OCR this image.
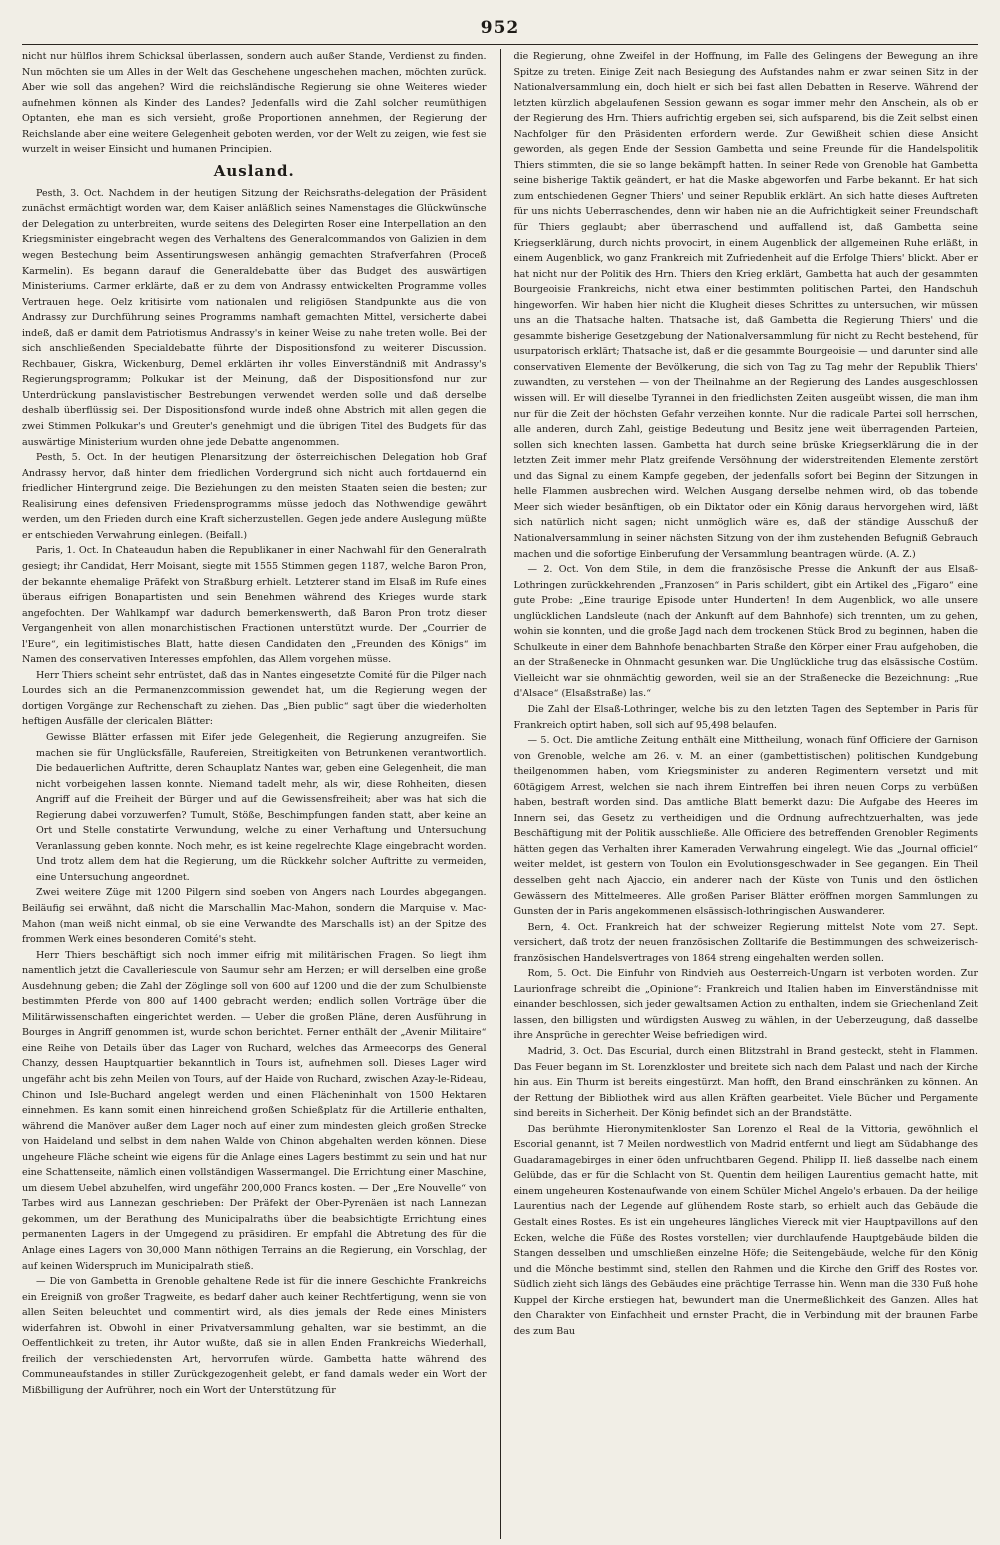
952

nicht nur hülflos ihrem Schicksal überlassen, sondern auch außer Stande, Verdienst zu finden. Nun möchten sie um Alles in der Welt das Geschehene ungeschehen machen, möchten zurück. Aber wie soll das angehen? Wird die reichsländische Regierung sie ohne Weiteres wieder aufnehmen können als Kinder des Landes? Jedenfalls wird die Zahl solcher reumüthigen Optanten, ehe man es sich versieht, große Proportionen annehmen, der Regierung der Reichslande aber eine weitere Gelegenheit geboten werden, vor der Welt zu zeigen, wie fest sie wurzelt in weiser Einsicht und humanen Principien.

Ausland.

Pesth, 3. Oct. Nachdem in der heutigen Sitzung der Reichsraths-delegation der Präsident zunächst ermächtigt worden war, dem Kaiser anläßlich seines Namenstages die Glückwünsche der Delegation zu unterbreiten, wurde seitens des Delegirten Roser eine Interpellation an den Kriegsminister eingebracht wegen des Verhaltens des Generalcommandos von Galizien in dem wegen Bestechung beim Assentirungswesen anhängig gemachten Strafverfahren (Proceß Karmelin). Es begann darauf die Generaldebatte über das Budget des auswärtigen Ministeriums. Carmer erklärte, daß er zu dem von Andrassy entwickelten Programme volles Vertrauen hege. Oelz kritisirte vom nationalen und religiösen Standpunkte aus die von Andrassy zur Durchführung seines Programms namhaft gemachten Mittel, versicherte dabei indeß, daß er damit dem Patriotismus Andrassy's in keiner Weise zu nahe treten wolle. Bei der sich anschließenden Specialdebatte führte der Dispositionsfond zu weiterer Discussion. Rechbauer, Giskra, Wickenburg, Demel erklärten ihr volles Einverständniß mit Andrassy's Regierungsprogramm; Polkukar ist der Meinung, daß der Dispositionsfond nur zur Unterdrückung panslavistischer Bestrebungen verwendet werden solle und daß derselbe deshalb überflüssig sei. Der Dispositionsfond wurde indeß ohne Abstrich mit allen gegen die zwei Stimmen Polkukar's und Greuter's genehmigt und die übrigen Titel des Budgets für das auswärtige Ministerium wurden ohne jede Debatte angenommen.

Pesth, 5. Oct. In der heutigen Plenarsitzung der österreichischen Delegation hob Graf Andrassy hervor, daß hinter dem friedlichen Vordergrund sich nicht auch fortdauernd ein friedlicher Hintergrund zeige. Die Beziehungen zu den meisten Staaten seien die besten; zur Realisirung eines defensiven Friedensprogramms müsse jedoch das Nothwendige gewährt werden, um den Frieden durch eine Kraft sicherzustellen. Gegen jede andere Auslegung müßte er entschieden Verwahrung einlegen. (Beifall.)

Paris, 1. Oct. In Chateaudun haben die Republikaner in einer Nachwahl für den Generalrath gesiegt; ihr Candidat, Herr Moisant, siegte mit 1555 Stimmen gegen 1187, welche Baron Pron, der bekannte ehemalige Präfekt von Straßburg erhielt. Letzterer stand im Elsaß im Rufe eines überaus eifrigen Bonapartisten und sein Benehmen während des Krieges wurde stark angefochten. Der Wahlkampf war dadurch bemerkenswerth, daß Baron Pron trotz dieser Vergangenheit von allen monarchistischen Fractionen unterstützt wurde. Der „Courrier de l'Eure“, ein legitimistisches Blatt, hatte diesen Candidaten den „Freunden des Königs“ im Namen des conservativen Interesses empfohlen, das Allem vorgehen müsse.

Herr Thiers scheint sehr entrüstet, daß das in Nantes eingesetzte Comité für die Pilger nach Lourdes sich an die Permanenzcommission gewendet hat, um die Regierung wegen der dortigen Vorgänge zur Rechenschaft zu ziehen. Das „Bien public“ sagt über die wiederholten heftigen Ausfälle der clericalen Blätter:

Gewisse Blätter erfassen mit Eifer jede Gelegenheit, die Regierung anzugreifen. Sie machen sie für Unglücksfälle, Raufereien, Streitigkeiten von Betrunkenen verantwortlich. Die bedauerlichen Auftritte, deren Schauplatz Nantes war, geben eine Gelegenheit, die man nicht vorbeigehen lassen konnte. Niemand tadelt mehr, als wir, diese Rohheiten, diesen Angriff auf die Freiheit der Bürger und auf die Gewissensfreiheit; aber was hat sich die Regierung dabei vorzuwerfen? Tumult, Stöße, Beschimpfungen fanden statt, aber keine an Ort und Stelle constatirte Verwundung, welche zu einer Verhaftung und Untersuchung Veranlassung geben konnte. Noch mehr, es ist keine regelrechte Klage eingebracht worden. Und trotz allem dem hat die Regierung, um die Rückkehr solcher Auftritte zu vermeiden, eine Untersuchung angeordnet.

Zwei weitere Züge mit 1200 Pilgern sind soeben von Angers nach Lourdes abgegangen. Beiläufig sei erwähnt, daß nicht die Marschallin Mac-Mahon, sondern die Marquise v. Mac-Mahon (man weiß nicht einmal, ob sie eine Verwandte des Marschalls ist) an der Spitze des frommen Werk eines besonderen Comité's steht.

Herr Thiers beschäftigt sich noch immer eifrig mit militärischen Fragen. So liegt ihm namentlich jetzt die Cavalleriescule von Saumur sehr am Herzen; er will derselben eine große Ausdehnung geben; die Zahl der Zöglinge soll von 600 auf 1200 und die der zum Schulbienste bestimmten Pferde von 800 auf 1400 gebracht werden; endlich sollen Vorträge über die Militärwissenschaften eingerichtet werden. — Ueber die großen Pläne, deren Ausführung in Bourges in Angriff genommen ist, wurde schon berichtet. Ferner enthält der „Avenir Militaire“ eine Reihe von Details über das Lager von Ruchard, welches das Armeecorps des General Chanzy, dessen Hauptquartier bekanntlich in Tours ist, aufnehmen soll. Dieses Lager wird ungefähr acht bis zehn Meilen von Tours, auf der Haide von Ruchard, zwischen Azay-le-Rideau, Chinon und Isle-Buchard angelegt werden und einen Flächeninhalt von 1500 Hektaren einnehmen. Es kann somit einen hinreichend großen Schießplatz für die Artillerie enthalten, während die Manöver außer dem Lager noch auf einer zum mindesten gleich großen Strecke von Haideland und selbst in dem nahen Walde von Chinon abgehalten werden können. Diese ungeheure Fläche scheint wie eigens für die Anlage eines Lagers bestimmt zu sein und hat nur eine Schattenseite, nämlich einen vollständigen Wassermangel. Die Errichtung einer Maschine, um diesem Uebel abzuhelfen, wird ungefähr 200,000 Francs kosten. — Der „Ere Nouvelle“ von Tarbes wird aus Lannezan geschrieben: Der Präfekt der Ober-Pyrenäen ist nach Lannezan gekommen, um der Berathung des Municipalraths über die beabsichtigte Errichtung eines permanenten Lagers in der Umgegend zu präsidiren. Er empfahl die Abtretung des für die Anlage eines Lagers von 30,000 Mann nöthigen Terrains an die Regierung, ein Vorschlag, der auf keinen Widerspruch im Municipalrath stieß.

— Die von Gambetta in Grenoble gehaltene Rede ist für die innere Geschichte Frankreichs ein Ereigniß von großer Tragweite, es bedarf daher auch keiner Rechtfertigung, wenn sie von allen Seiten beleuchtet und commentirt wird, als dies jemals der Rede eines Ministers widerfahren ist. Obwohl in einer Privatversammlung gehalten, war sie bestimmt, an die Oeffentlichkeit zu treten, ihr Autor wußte, daß sie in allen Enden Frankreichs Wiederhall, freilich der verschiedensten Art, hervorrufen würde. Gambetta hatte während des Communeaufstandes in stiller Zurückgezogenheit gelebt, er fand damals weder ein Wort der Mißbilligung der Aufrührer, noch ein Wort der Unterstützung für

die Regierung, ohne Zweifel in der Hoffnung, im Falle des Gelingens der Bewegung an ihre Spitze zu treten. Einige Zeit nach Besiegung des Aufstandes nahm er zwar seinen Sitz in der Nationalversammlung ein, doch hielt er sich bei fast allen Debatten in Reserve. Während der letzten kürzlich abgelaufenen Session gewann es sogar immer mehr den Anschein, als ob er der Regierung des Hrn. Thiers aufrichtig ergeben sei, sich aufsparend, bis die Zeit selbst einen Nachfolger für den Präsidenten erfordern werde. Zur Gewißheit schien diese Ansicht geworden, als gegen Ende der Session Gambetta und seine Freunde für die Handelspolitik Thiers stimmten, die sie so lange bekämpft hatten. In seiner Rede von Grenoble hat Gambetta seine bisherige Taktik geändert, er hat die Maske abgeworfen und Farbe bekannt. Er hat sich zum entschiedenen Gegner Thiers' und seiner Republik erklärt. An sich hatte dieses Auftreten für uns nichts Ueberraschendes, denn wir haben nie an die Aufrichtigkeit seiner Freundschaft für Thiers geglaubt; aber überraschend und auffallend ist, daß Gambetta seine Kriegserklärung, durch nichts provocirt, in einem Augenblick der allgemeinen Ruhe erläßt, in einem Augenblick, wo ganz Frankreich mit Zufriedenheit auf die Erfolge Thiers' blickt. Aber er hat nicht nur der Politik des Hrn. Thiers den Krieg erklärt, Gambetta hat auch der gesammten Bourgeoisie Frankreichs, nicht etwa einer bestimmten politischen Partei, den Handschuh hingeworfen. Wir haben hier nicht die Klugheit dieses Schrittes zu untersuchen, wir müssen uns an die Thatsache halten. Thatsache ist, daß Gambetta die Regierung Thiers' und die gesammte bisherige Gesetzgebung der Nationalversammlung für nicht zu Recht bestehend, für usurpatorisch erklärt; Thatsache ist, daß er die gesammte Bourgeoisie — und darunter sind alle conservativen Elemente der Bevölkerung, die sich von Tag zu Tag mehr der Republik Thiers' zuwandten, zu verstehen — von der Theilnahme an der Regierung des Landes ausgeschlossen wissen will. Er will dieselbe Tyrannei in den friedlichsten Zeiten ausgeübt wissen, die man ihm nur für die Zeit der höchsten Gefahr verzeihen konnte. Nur die radicale Partei soll herrschen, alle anderen, durch Zahl, geistige Bedeutung und Besitz jene weit überragenden Parteien, sollen sich knechten lassen. Gambetta hat durch seine brüske Kriegserklärung die in der letzten Zeit immer mehr Platz greifende Versöhnung der widerstreitenden Elemente zerstört und das Signal zu einem Kampfe gegeben, der jedenfalls sofort bei Beginn der Sitzungen in helle Flammen ausbrechen wird. Welchen Ausgang derselbe nehmen wird, ob das tobende Meer sich wieder besänftigen, ob ein Diktator oder ein König daraus hervorgehen wird, läßt sich natürlich nicht sagen; nicht unmöglich wäre es, daß der ständige Ausschuß der Nationalversammlung in seiner nächsten Sitzung von der ihm zustehenden Befugniß Gebrauch machen und die sofortige Einberufung der Versammlung beantragen würde. (A. Z.)

— 2. Oct. Von dem Stile, in dem die französische Presse die Ankunft der aus Elsaß-Lothringen zurückkehrenden „Franzosen“ in Paris schildert, gibt ein Artikel des „Figaro“ eine gute Probe: „Eine traurige Episode unter Hunderten! In dem Augenblick, wo alle unsere unglücklichen Landsleute (nach der Ankunft auf dem Bahnhofe) sich trennten, um zu gehen, wohin sie konnten, und die große Jagd nach dem trockenen Stück Brod zu beginnen, haben die Schulkeute in einer dem Bahnhofe benachbarten Straße den Körper einer Frau aufgehoben, die an der Straßenecke in Ohnmacht gesunken war. Die Unglückliche trug das elsässische Costüm. Vielleicht war sie ohnmächtig geworden, weil sie an der Straßenecke die Bezeichnung: „Rue d'Alsace“ (Elsaßstraße) las.“

Die Zahl der Elsaß-Lothringer, welche bis zu den letzten Tagen des September in Paris für Frankreich optirt haben, soll sich auf 95,498 belaufen.

— 5. Oct. Die amtliche Zeitung enthält eine Mittheilung, wonach fünf Officiere der Garnison von Grenoble, welche am 26. v. M. an einer (gambettistischen) politischen Kundgebung theilgenommen haben, vom Kriegsminister zu anderen Regimentern versetzt und mit 60tägigem Arrest, welchen sie nach ihrem Eintreffen bei ihren neuen Corps zu verbüßen haben, bestraft worden sind. Das amtliche Blatt bemerkt dazu: Die Aufgabe des Heeres im Innern sei, das Gesetz zu vertheidigen und die Ordnung aufrechtzuerhalten, was jede Beschäftigung mit der Politik ausschließe. Alle Officiere des betreffenden Grenobler Regiments hätten gegen das Verhalten ihrer Kameraden Verwahrung eingelegt. Wie das „Journal officiel“ weiter meldet, ist gestern von Toulon ein Evolutionsgeschwader in See gegangen. Ein Theil desselben geht nach Ajaccio, ein anderer nach der Küste von Tunis und den östlichen Gewässern des Mittelmeeres. Alle großen Pariser Blätter eröffnen morgen Sammlungen zu Gunsten der in Paris angekommenen elsässisch-lothringischen Auswanderer.

Bern, 4. Oct. Frankreich hat der schweizer Regierung mittelst Note vom 27. Sept. versichert, daß trotz der neuen französischen Zolltarife die Bestimmungen des schweizerisch-französischen Handelsvertrages von 1864 streng eingehalten werden sollen.

Rom, 5. Oct. Die Einfuhr von Rindvieh aus Oesterreich-Ungarn ist verboten worden. Zur Laurionfrage schreibt die „Opinione“: Frankreich und Italien haben im Einverständnisse mit einander beschlossen, sich jeder gewaltsamen Action zu enthalten, indem sie Griechenland Zeit lassen, den billigsten und würdigsten Ausweg zu wählen, in der Ueberzeugung, daß dasselbe ihre Ansprüche in gerechter Weise befriedigen wird.

Madrid, 3. Oct. Das Escurial, durch einen Blitzstrahl in Brand gesteckt, steht in Flammen. Das Feuer begann im St. Lorenzkloster und breitete sich nach dem Palast und nach der Kirche hin aus. Ein Thurm ist bereits eingestürzt. Man hofft, den Brand einschränken zu können. An der Rettung der Bibliothek wird aus allen Kräften gearbeitet. Viele Bücher und Pergamente sind bereits in Sicherheit. Der König befindet sich an der Brandstätte.

Das berühmte Hieronymitenkloster San Lorenzo el Real de la Vittoria, gewöhnlich el Escorial genannt, ist 7 Meilen nordwestlich von Madrid entfernt und liegt am Südabhange des Guadaramagebirges in einer öden unfruchtbaren Gegend. Philipp II. ließ dasselbe nach einem Gelübde, das er für die Schlacht von St. Quentin dem heiligen Laurentius gemacht hatte, mit einem ungeheuren Kostenaufwande von einem Schüler Michel Angelo's erbauen. Da der heilige Laurentius nach der Legende auf glühendem Roste starb, so erhielt auch das Gebäude die Gestalt eines Rostes. Es ist ein ungeheures längliches Viereck mit vier Hauptpavillons auf den Ecken, welche die Füße des Rostes vorstellen; vier durchlaufende Hauptgebäude bilden die Stangen desselben und umschließen einzelne Höfe; die Seitengebäude, welche für den König und die Mönche bestimmt sind, stellen den Rahmen und die Kirche den Griff des Rostes vor. Südlich zieht sich längs des Gebäudes eine prächtige Terrasse hin. Wenn man die 330 Fuß hohe Kuppel der Kirche erstiegen hat, bewundert man die Unermeßlichkeit des Ganzen. Alles hat den Charakter von Einfachheit und ernster Pracht, die in Verbindung mit der braunen Farbe des zum Bau
